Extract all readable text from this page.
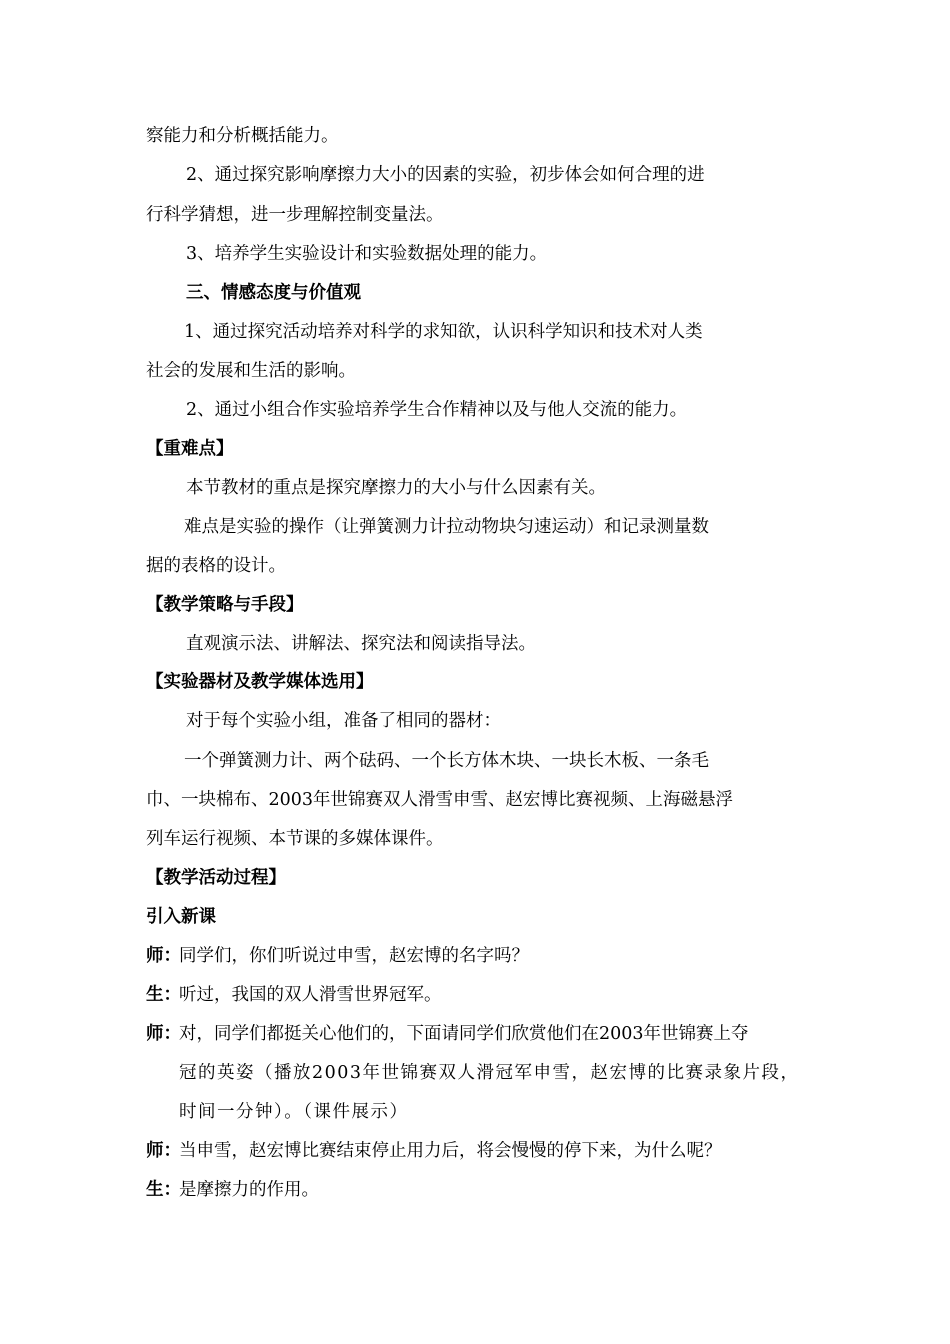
察能力和分析概括能力。
2、通过探究影响摩擦力大小的因素的实验，初步体会如何合理的进
行科学猜想，进一步理解控制变量法。
3、培养学生实验设计和实验数据处理的能力。
三、情感态度与价值观
1、通过探究活动培养对科学的求知欲，认识科学知识和技术对人类
社会的发展和生活的影响。
2、通过小组合作实验培养学生合作精神以及与他人交流的能力。
【重难点】
本节教材的重点是探究摩擦力的大小与什么因素有关。
难点是实验的操作（让弹簧测力计拉动物块匀速运动）和记录测量数
据的表格的设计。
【教学策略与手段】
直观演示法、讲解法、探究法和阅读指导法。
【实验器材及教学媒体选用】
对于每个实验小组，准备了相同的器材：
一个弹簧测力计、两个砝码、一个长方体木块、一块长木板、一条毛
巾、一块棉布、2003年世锦赛双人滑雪申雪、赵宏博比赛视频、上海磁悬浮
列车运行视频、本节课的多媒体课件。
【教学活动过程】
引入新课
师：
同学们，你们听说过申雪，赵宏博的名字吗？
生：
听过，我国的双人滑雪世界冠军。
师：
对，同学们都挺关心他们的，下面请同学们欣赏他们在2003年世锦赛上夺
冠的英姿（播放2003年世锦赛双人滑冠军申雪，赵宏博的比赛录象片段，
时间一分钟）。（课件展示）
师：
当申雪，赵宏博比赛结束停止用力后，将会慢慢的停下来，为什么呢？
生：
是摩擦力的作用。
